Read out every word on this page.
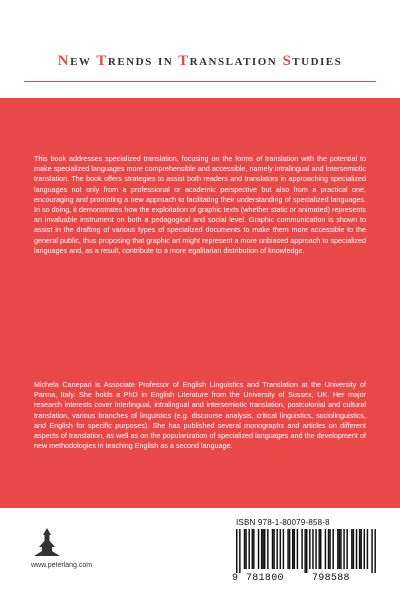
New Trends in Translation Studies

This book addresses specialized translation, focusing on the forms of translation with the potential to make specialized languages more comprehensible and accessible, namely intralingual and intersemiotic translation. The book offers strategies to assist both readers and translators in approaching specialized languages not only from a professional or academic perspective but also from a practical one, encouraging and promoting a new approach to facilitating their understanding of specialized languages. In so doing, it demonstrates how the exploitation of graphic texts (whether static or animated) represents an invaluable instrument on both a pedagogical and social level. Graphic communication is shown to assist in the drafting of various types of specialized documents to make them more accessible to the general public, thus proposing that graphic art might represent a more unbiased approach to specialized languages and, as a result, contribute to a more egalitarian distribution of knowledge.

Michela Canepari is Associate Professor of English Linguistics and Translation at the University of Parma, Italy. She holds a PhD in English Literature from the University of Sussex, UK. Her major research interests cover interlingual, intralingual and intersemiotic translation, postcolonial and cultural translation, various branches of linguistics (e.g. discourse analysis, critical linguistics, sociolinguistics, and English for specific purposes). She has published several monographs and articles on different aspects of translation, as well as on the popularization of specialized languages and the development of new methodologies in teaching English as a second language.

www.peterlang.com
ISBN 978-1-80079-858-8
9 781800	798588
